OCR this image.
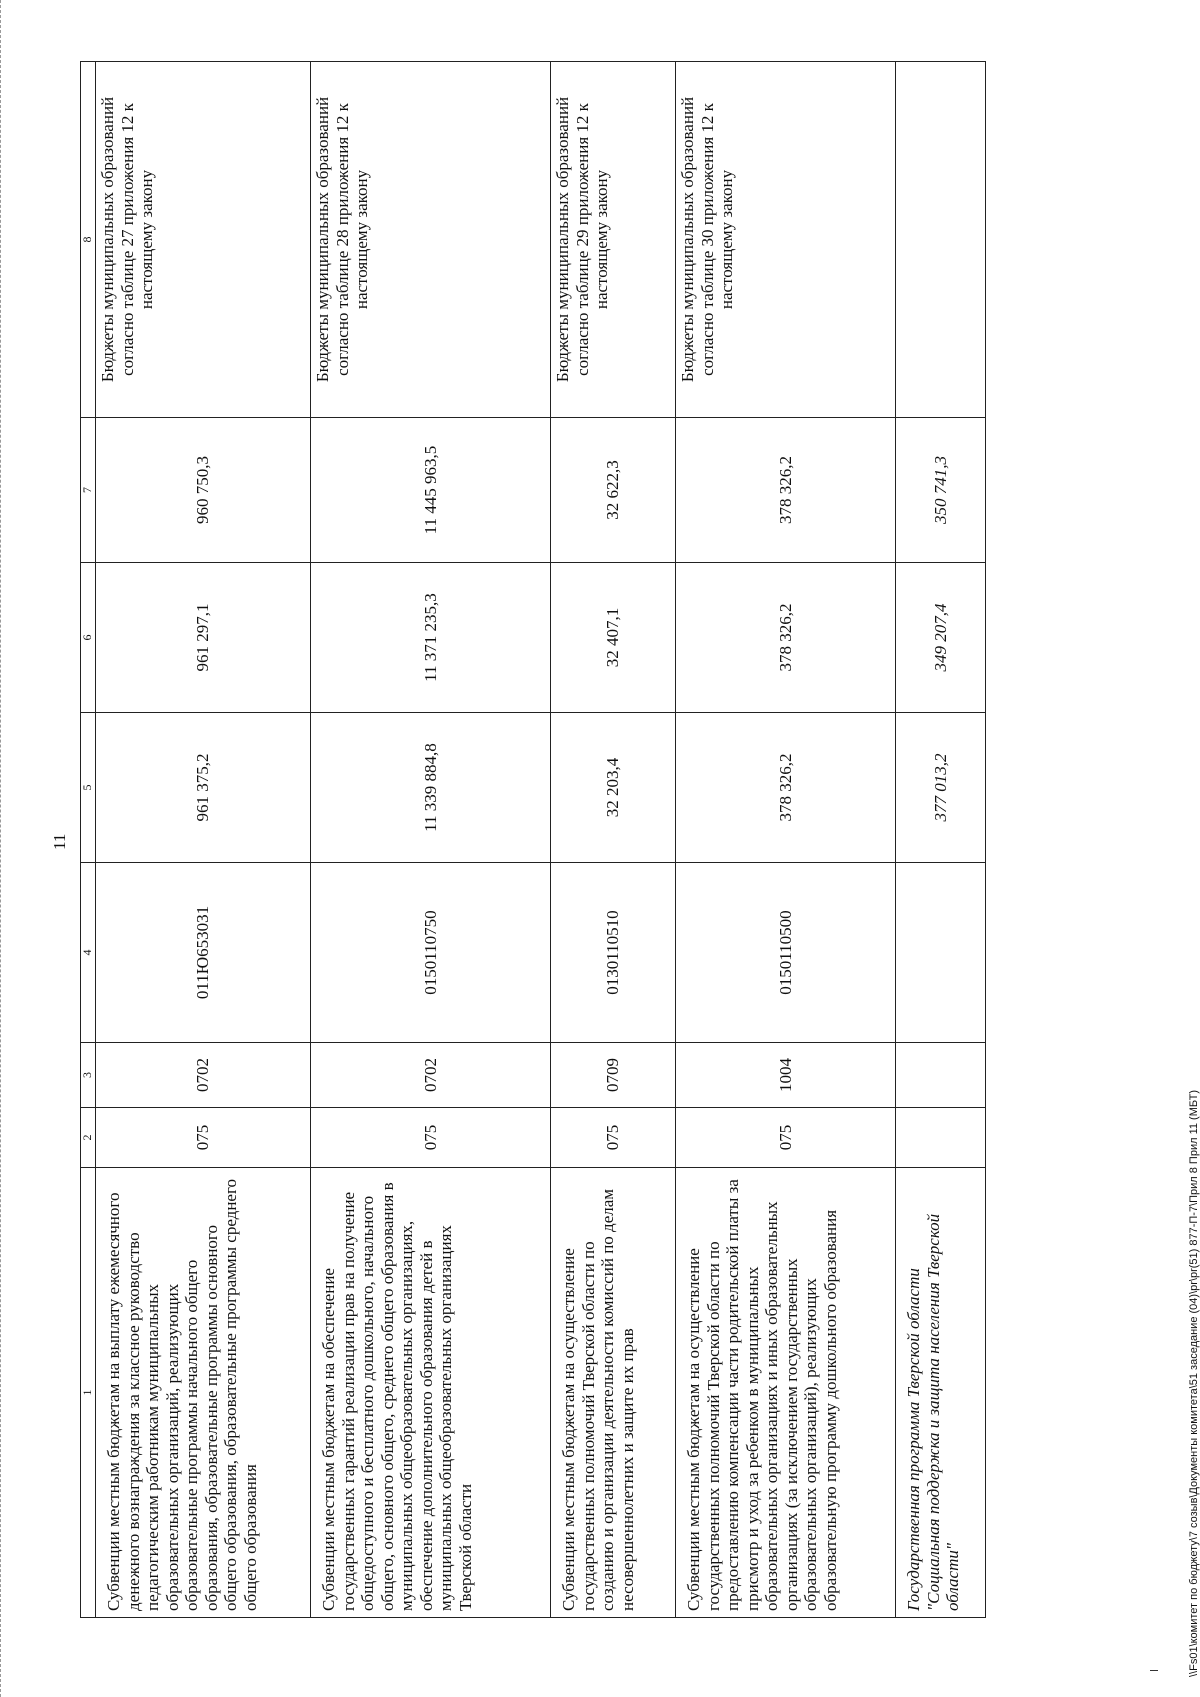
11
1	2	3	4	5	6	7	8
Субвенции местным бюджетам на выплату ежемесячного денежного вознаграждения за классное руководство педагогическим работникам муниципальных образовательных организаций, реализующих образовательные программы начального общего образования, образовательные программы основного общего образования, образовательные программы среднего общего образования	075	0702	011Ю653031	961 375,2	961 297,1	960 750,3	Бюджеты муниципальных образований согласно таблице 27 приложения 12 к настоящему закону
Субвенции местным бюджетам на обеспечение государственных гарантий реализации прав на получение общедоступного и бесплатного дошкольного, начального общего, основного общего, среднего общего образования в муниципальных общеобразовательных организациях, обеспечение дополнительного образования детей в муниципальных общеобразовательных организациях Тверской области	075	0702	0150110750	11 339 884,8	11 371 235,3	11 445 963,5	Бюджеты муниципальных образований согласно таблице 28 приложения 12 к настоящему закону
Субвенции местным бюджетам на осуществление государственных полномочий Тверской области по созданию и организации деятельности комиссий по делам несовершеннолетних и защите их прав	075	0709	0130110510	32 203,4	32 407,1	32 622,3	Бюджеты муниципальных образований согласно таблице 29 приложения 12 к настоящему закону
Субвенции местным бюджетам на осуществление государственных полномочий Тверской области по предоставлению компенсации части родительской платы за присмотр и уход за ребенком в муниципальных образовательных организациях и иных образовательных организациях (за исключением государственных образовательных организаций), реализующих образовательную программу дошкольного образования	075	1004	0150110500	378 326,2	378 326,2	378 326,2	Бюджеты муниципальных образований согласно таблице 30 приложения 12 к настоящему закону
Государственная программа Тверской области "Социальная поддержка и защита населения Тверской области"				377 013,2	349 207,4	350 741,3	
\\Fs01\комитет по бюджету\7 созыв\Документы комитета\51 заседание (04)\pr\pr(51) 877-П-7\Прил 8 Прил 11 (МБТ)
